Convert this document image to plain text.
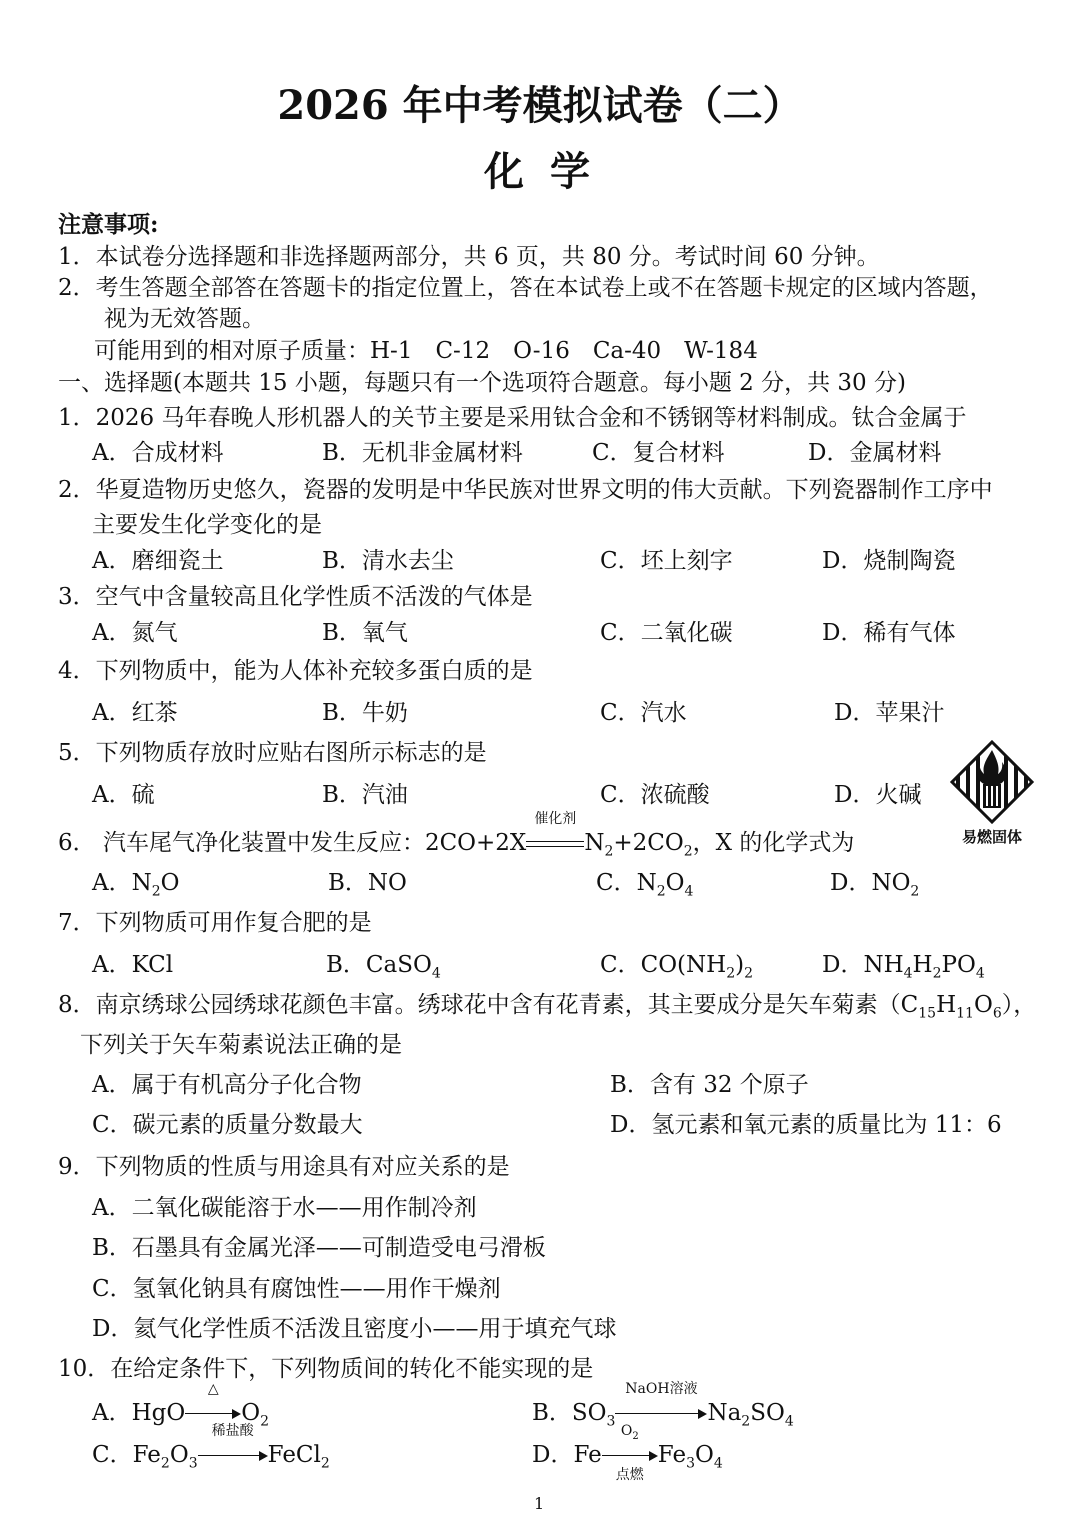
2026 年中考模拟试卷（二）
化 学
注意事项:
1．本试卷分选择题和非选择题两部分，共 6 页，共 80 分。考试时间 60 分钟。
2．考生答题全部答在答题卡的指定位置上，答在本试卷上或不在答题卡规定的区域内答题，
视为无效答题。
可能用到的相对原子质量：H-1　C-12　O-16　Ca-40　W-184
一、选择题(本题共 15 小题，每题只有一个选项符合题意。每小题 2 分，共 30 分)
1．2026 马年春晚人形机器人的关节主要是采用钛合金和不锈钢等材料制成。钛合金属于
A．合成材料	B．无机非金属材料	C．复合材料	D．金属材料
2．华夏造物历史悠久，瓷器的发明是中华民族对世界文明的伟大贡献。下列瓷器制作工序中
主要发生化学变化的是
A．磨细瓷土	B．清水去尘	C．坯上刻字	D．烧制陶瓷
3．空气中含量较高且化学性质不活泼的气体是
A．氮气	B．氧气	C．二氧化碳	D．稀有气体
4．下列物质中，能为人体补充较多蛋白质的是
A．红茶	B．牛奶	C．汽水	D．苹果汁
5．下列物质存放时应贴右图所示标志的是
A．硫	B．汽油	C．浓硫酸	D．火碱
易燃固体
6． 汽车尾气净化装置中发生反应：2CO+2X
催化剂
$N_2+2CO_2$，X 的化学式为
A．$N_2O$	B．NO	C．$N_2O_4$	D．$NO_2$
7．下列物质可用作复合肥的是
A．KCl	B．CaSO$_4$	C．$CO(NH_2)_2$	D．$NH_4H_2PO_4$
8．南京绣球公园绣球花颜色丰富。绣球花中含有花青素，其主要成分是矢车菊素$(C_{15}H_{11}O_6)$，
下列关于矢车菊素说法正确的是
A．属于有机高分子化合物	B．含有 32 个原子
C．碳元素的质量分数最大	D．氢元素和氧元素的质量比为 11：6
9．下列物质的性质与用途具有对应关系的是
A．二氧化碳能溶于水——用作制冷剂
B．石墨具有金属光泽——可制造受电弓滑板
C．氢氧化钠具有腐蚀性——用作干燥剂
D．氦气化学性质不活泼且密度小——用于填充气球
10．在给定条件下，下列物质间的转化不能实现的是
A．HgO
△
$O_2$	B．$SO_3$
NaOH溶液
$Na_2SO_4$
C．$Fe_2O_3$
稀盐酸
FeCl$_2$	D．Fe
$O_2$
点燃
$Fe_3O_4$
1
